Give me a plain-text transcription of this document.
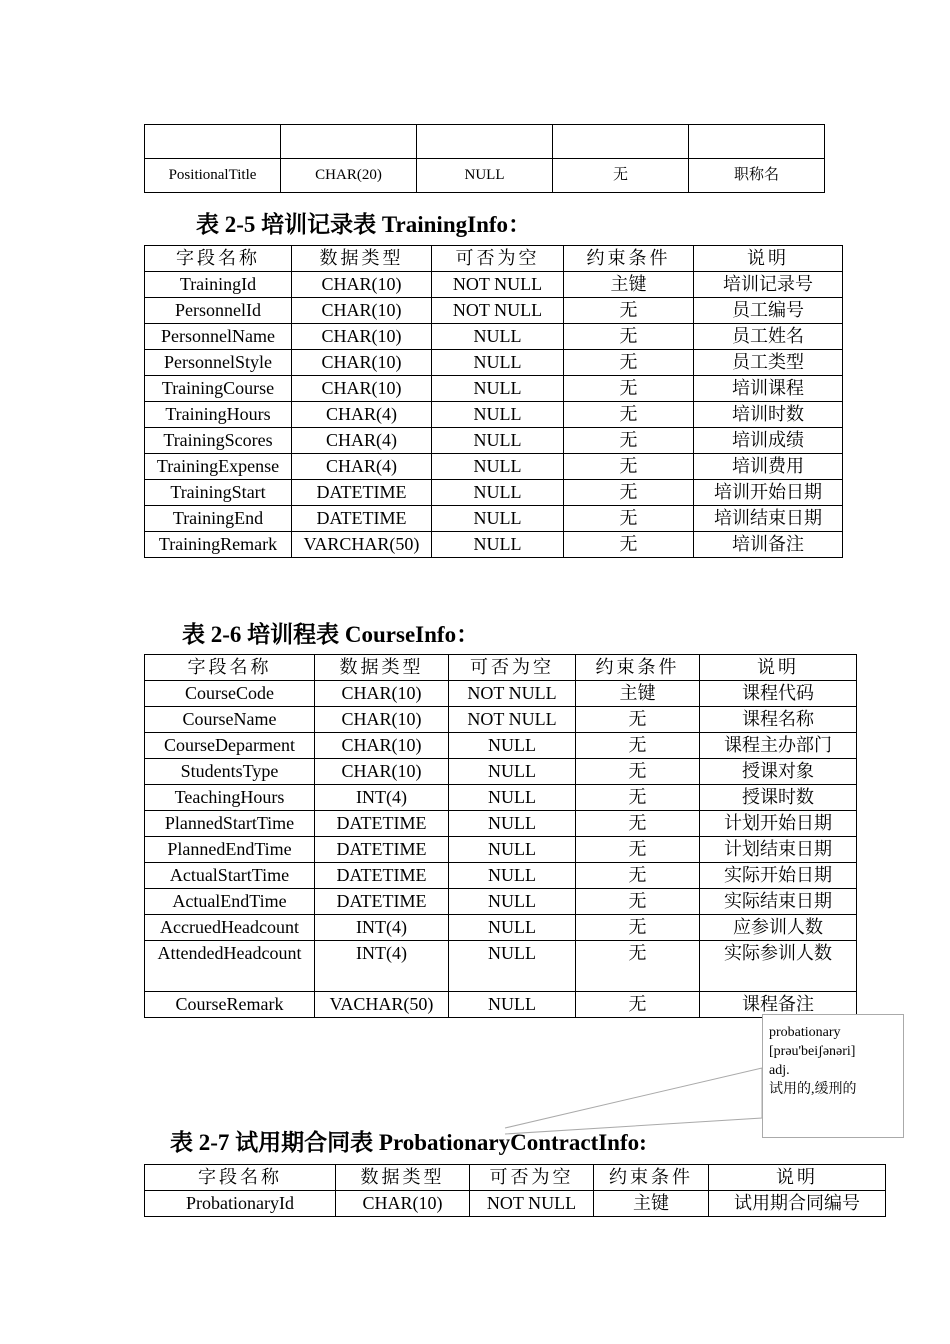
PositionalTitle	CHAR(20)	NULL	无	职称名
表 2-5 培训记录表 TrainingInfo：
字段名称	数据类型	可否为空	约束条件	说明
TrainingId	CHAR(10)	NOT NULL	主键	培训记录号
PersonnelId	CHAR(10)	NOT NULL	无	员工编号
PersonnelName	CHAR(10)	NULL	无	员工姓名
PersonnelStyle	CHAR(10)	NULL	无	员工类型
TrainingCourse	CHAR(10)	NULL	无	培训课程
TrainingHours	CHAR(4)	NULL	无	培训时数
TrainingScores	CHAR(4)	NULL	无	培训成绩
TrainingExpense	CHAR(4)	NULL	无	培训费用
TrainingStart	DATETIME	NULL	无	培训开始日期
TrainingEnd	DATETIME	NULL	无	培训结束日期
TrainingRemark	VARCHAR(50)	NULL	无	培训备注
表 2-6 培训程表 CourseInfo：
字段名称	数据类型	可否为空	约束条件	说明
CourseCode	CHAR(10)	NOT NULL	主键	课程代码
CourseName	CHAR(10)	NOT NULL	无	课程名称
CourseDeparment	CHAR(10)	NULL	无	课程主办部门
StudentsType	CHAR(10)	NULL	无	授课对象
TeachingHours	INT(4)	NULL	无	授课时数
PlannedStartTime	DATETIME	NULL	无	计划开始日期
PlannedEndTime	DATETIME	NULL	无	计划结束日期
ActualStartTime	DATETIME	NULL	无	实际开始日期
ActualEndTime	DATETIME	NULL	无	实际结束日期
AccruedHeadcount	INT(4)	NULL	无	应参训人数
AttendedHeadcount	INT(4)	NULL	无	实际参训人数
CourseRemark	VACHAR(50)	NULL	无	课程备注
probationary
[prəu'beiʃənəri]
adj.
试用的,缓刑的
表 2-7 试用期合同表 ProbationaryContractInfo:
字段名称	数据类型	可否为空	约束条件	说明
ProbationaryId	CHAR(10)	NOT NULL	主键	试用期合同编号
